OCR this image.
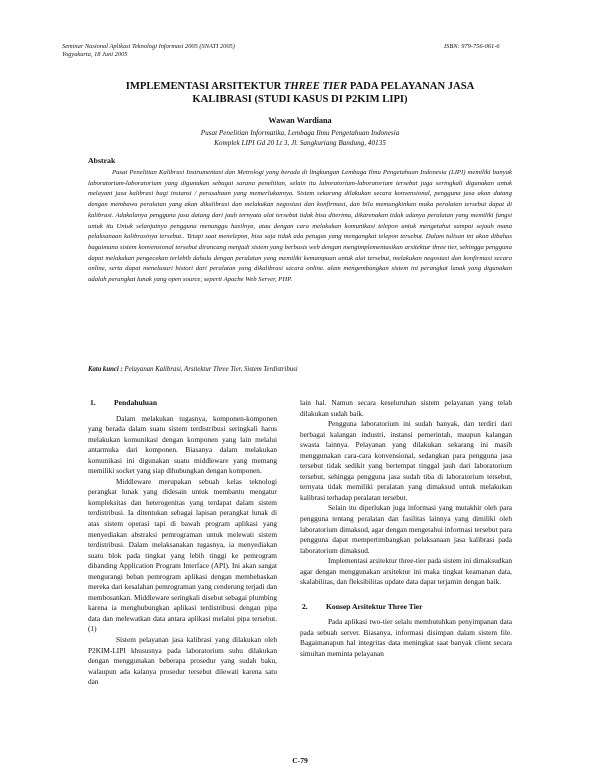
Seminar Nasional Aplikasi Teknologi Informasi 2005 (SNATI 2005)
Yogyakarta, 18 Juni 2005
ISBN: 979-756-061-6
IMPLEMENTASI ARSITEKTUR THREE TIER PADA PELAYANAN JASA
KALIBRASI (STUDI KASUS DI P2KIM LIPI)
Wawan Wardiana
Pusat Penelitian Informatika, Lembaga Ilmu Pengetahuan Indonesia
Komplek LIPI Gd 20 Lt 3, Jl. Sangkuriang Bandung, 40135
Abstrak

Pusat Penelitian Kalibrasi Instrumentasi dan Metrologi yang berada di lingkungan Lembaga Ilmu Pengetahuan Indonesia (LIPI) memiliki banyak laboratorium-laboratorium yang digunakan sebagai sarana penelitian, selain itu laboratorium-laboratorium tersebut juga seringkali digunakan untuk melayani jasa kalibrasi bagi instansi / perusahaan yang memerlukannya. Sistem sekarang dilakukan secara konvensional, pengguna jasa akan datang dengan membawa peralatan yang akan dikalibrasi dan melakukan negosiasi dan konfirmasi, dan bila memungkinkan maka peralatan tersebut dapat di kalibrasi. Adakalanya pengguna jasa datang dari jauh ternyata alat tersebut tidak bisa diterima, dikarenakan tidak adanya peralatan yang memiliki fungsi untuk itu Untuk selanjutnya pengguna menunggu hasilnya, atau dengan cara melakukan komunikasi telepon untuk mengetahui sampai sejauh mana pelaksanaan kalibrasinya tersebut.. Tetapi saat menelepon, bisa saja tidak ada petugas yang mengangkat telepon tersebut. Dalam tulisan ini akan dibahas bagaimana sistem konvensional tersebut dirancang menjadi sistem yang berbasis web dengan mengimplementasikan arsitektur three tier, sehingga pengguna dapat melakukan pengecekan terlebih dahulu dengan peralatan yang memiliki kemampuan untuk alat tersebut, melakukan negosiasi dan konfirmasi secara online, serta dapat menelusuri histori dari peralatan yang dikalibrasi secara online. alam mengembangkan sistem ini perangkat lunak yang digunakan adalah perangkat lunak yang open source, seperti Apache Web Server, PHP.

Kata kunci : Pelayanan Kalibrasi, Arsitektur Three Tier, Sistem Terdistribusi
1. Pendahuluan

Dalam melakukan tugasnya, komponen-komponen yang berada dalam suatu sistem terdistribusi seringkali harus melakukan komunikasi dengan komponen yang lain melalui antarmuka dari komponen. Biasanya dalam melakukan komunikasi ini digunakan suatu middleware yang memang memiliki socket yang siap dihubungkan dengan komponen.

Middleware merupakan sebuah kelas teknologi perangkat lunak yang didesain untuk membantu mengatur kompleksitas dan heterogenitas yang terdapat dalam sistem terdistribusi. Ia ditentukan sebagai lapisan perangkat lunak di atas sistem operasi tapi di bawah program aplikasi yang menyediakan abstraksi pemrograman untuk melewati sistem terdistribusi. Dalam melaksanakan tugasnya, ia menyediakan suatu blok pada tingkat yang lebih tinggi ke pemrogram dibanding Application Program Interface (API). Ini akan sangat mengurangi beban pemrogram aplikasi dengan membebaskan mereka dari kesalahan pemrograman yang cenderung terjadi dan membosankan. Middleware seringkali disebut sebagai plumbing karena ia menghubungkan aplikasi terdistribusi dengan pipa data dan melewatkan data antara aplikasi melalui pipa tersebut.(1)

Sistem pelayanan jasa kalibrasi yang dilakukan oleh P2KIM-LIPI khususnya pada laboratorium suhu dilakukan dengan menggunakan beberapa prosedur yang sudah baku, walaupun ada kalanya prosedur tersebut dilewati karena satu dan

lain hal. Namun secara keseluruhan sistem pelayanan yang telah dilakukan sudah baik.

Pengguna laboratorium ini sudah banyak, dan terdiri dari berbagai kalangan industri, instansi pemerintah, maupun kalangan swasta lainnya. Pelayanan yang dilakukan sekarang ini masih menggunakan cara-cara konvensional, sedangkan para pengguna jasa tersebut tidak sedikit yang bertempat tinggal jauh dari laboratorium tersebut, sehingga pengguna jasa sudah tiba di laboratorium tersebut, ternyata tidak memiliki peralatan yang dimaksud untuk melakukan kalibrasi terhadap peralatan tersebut.

Selain itu diperlukan juga informasi yang mutakhir oleh para pengguna tentang peralatan dan fasilitas lainnya yang dimiliki oleh laboratorium dimaksud, agar dengan mengetahui informasi tersebut para pengguna dapat mempertimbangkan pelaksanaan jasa kalibrasi pada laboratorium dimaksud.

Implementasi arsitektur three-tier pada sistem ini dimaksudkan agar dengan menggunakan arsitektur ini maka tingkat keamanan data, skalabilitas, dan fleksibilitas update data dapat terjamin dengan baik.

2. Konsep Arsitektur Three Tier

Pada aplikasi two-tier selalu membutuhkan penyimpanan data pada sebuah server. Biasanya, informasi disimpan dalam sistem file. Bagaimanapun hal integritas data meningkat saat banyak client secara simultan meminta pelayanan

C-79
